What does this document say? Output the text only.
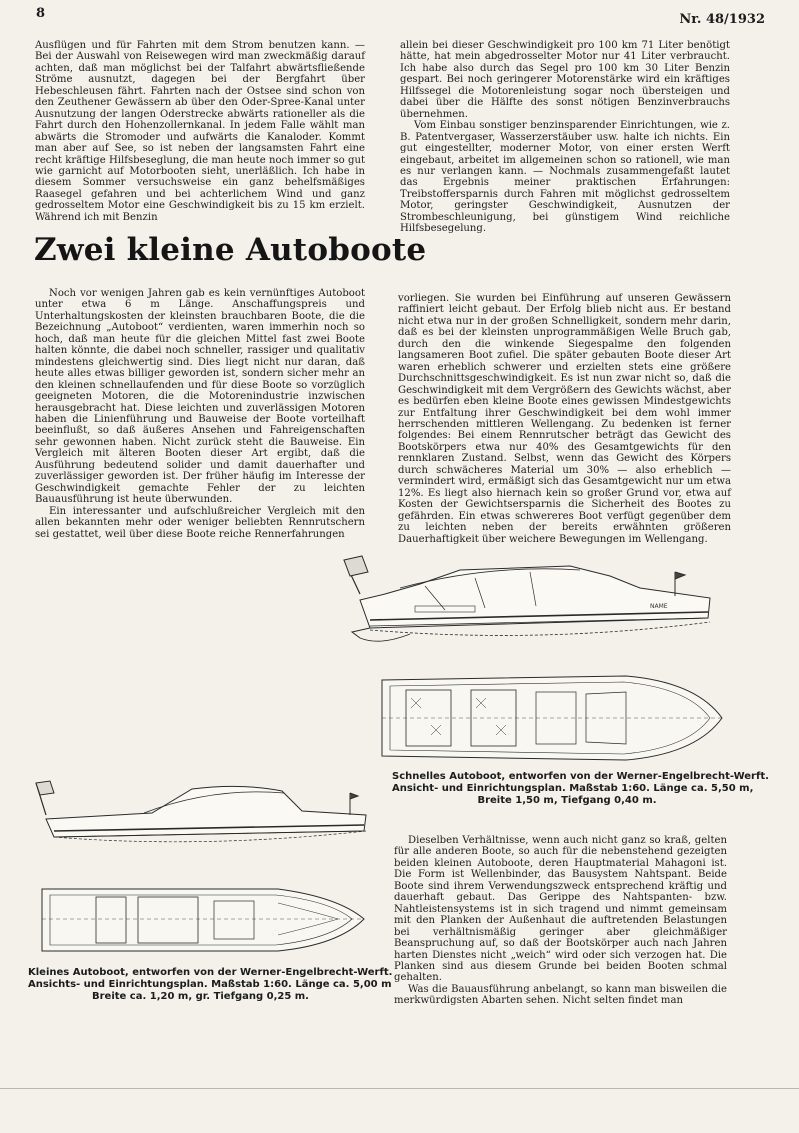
8	Nr. 48/1932

Ausflügen und für Fahrten mit dem Strom benutzen kann. — Bei der Auswahl von Reisewegen wird man zweckmäßig darauf achten, daß man möglichst bei der Talfahrt abwärtsfließende Ströme ausnutzt, dagegen bei der Bergfahrt über Hebeschleusen fährt. Fahrten nach der Ostsee sind schon von den Zeuthener Gewässern ab über den Oder-Spree-Kanal unter Ausnutzung der langen Oderstrecke abwärts rationeller als die Fahrt durch den Hohenzollernkanal. In jedem Falle wählt man abwärts die Stromoder und aufwärts die Kanaloder. Kommt man aber auf See, so ist neben der langsamsten Fahrt eine recht kräftige Hilfsbeseglung, die man heute noch immer so gut wie garnicht auf Motorbooten sieht, unerläßlich. Ich habe in diesem Sommer versuchsweise ein ganz behelfsmäßiges Raasegel gefahren und bei achterlichem Wind und ganz gedrosseltem Motor eine Geschwindigkeit bis zu 15 km erzielt. Während ich mit Benzin

allein bei dieser Geschwindigkeit pro 100 km 71 Liter benötigt hätte, hat mein abgedrosselter Motor nur 41 Liter verbraucht. Ich habe also durch das Segel pro 100 km 30 Liter Benzin gespart. Bei noch geringerer Motorenstärke wird ein kräftiges Hilfssegel die Motorenleistung sogar noch übersteigen und dabei über die Hälfte des sonst nötigen Benzinverbrauchs übernehmen.

Vom Einbau sonstiger benzinsparender Einrichtungen, wie z. B. Patentvergaser, Wasserzerstäuber usw. halte ich nichts. Ein gut eingestellter, moderner Motor, von einer ersten Werft eingebaut, arbeitet im allgemeinen schon so rationell, wie man es nur verlangen kann. — Nochmals zusammengefaßt lautet das Ergebnis meiner praktischen Erfahrungen: Treibstoffersparnis durch Fahren mit möglichst gedrosseltem Motor, geringster Geschwindigkeit, Ausnutzen der Strombeschleunigung, bei günstigem Wind reichliche Hilfsbesegelung.

Zwei kleine Autoboote

Noch vor wenigen Jahren gab es kein vernünftiges Autoboot unter etwa 6 m Länge. Anschaffungspreis und Unterhaltungskosten der kleinsten brauchbaren Boote, die die Bezeichnung „Autoboot“ verdienten, waren immerhin noch so hoch, daß man heute für die gleichen Mittel fast zwei Boote halten könnte, die dabei noch schneller, rassiger und qualitativ mindestens gleichwertig sind. Dies liegt nicht nur daran, daß heute alles etwas billiger geworden ist, sondern sicher mehr an den kleinen schnellaufenden und für diese Boote so vorzüglich geeigneten Motoren, die die Motorenindustrie inzwischen herausgebracht hat. Diese leichten und zuverlässigen Motoren haben die Linienführung und Bauweise der Boote vorteilhaft beeinflußt, so daß äußeres Ansehen und Fahreigenschaften sehr gewonnen haben. Nicht zurück steht die Bauweise. Ein Vergleich mit älteren Booten dieser Art ergibt, daß die Ausführung bedeutend solider und damit dauerhafter und zuverlässiger geworden ist. Der früher häufig im Interesse der Geschwindigkeit gemachte Fehler der zu leichten Bauausführung ist heute überwunden.

Ein interessanter und aufschlußreicher Vergleich mit den allen bekannten mehr oder weniger beliebten Rennrutschern sei gestattet, weil über diese Boote reiche Rennerfahrungen

vorliegen. Sie wurden bei Einführung auf unseren Gewässern raffiniert leicht gebaut. Der Erfolg blieb nicht aus. Er bestand nicht etwa nur in der großen Schnelligkeit, sondern mehr darin, daß es bei der kleinsten unprogrammäßigen Welle Bruch gab, durch den die winkende Siegespalme den folgenden langsameren Boot zufiel. Die später gebauten Boote dieser Art waren erheblich schwerer und erzielten stets eine größere Durchschnittsgeschwindigkeit. Es ist nun zwar nicht so, daß die Geschwindigkeit mit dem Vergrößern des Gewichts wächst, aber es bedürfen eben kleine Boote eines gewissen Mindestgewichts zur Entfaltung ihrer Geschwindigkeit bei dem wohl immer herrschenden mittleren Wellengang. Zu bedenken ist ferner folgendes: Bei einem Rennrutscher beträgt das Gewicht des Bootskörpers etwa nur 40% des Gesamtgewichts für den rennklaren Zustand. Selbst, wenn das Gewicht des Körpers durch schwächeres Material um 30% — also erheblich — vermindert wird, ermäßigt sich das Gesamtgewicht nur um etwa 12%. Es liegt also hiernach kein so großer Grund vor, etwa auf Kosten der Gewichtsersparnis die Sicherheit des Bootes zu gefährden. Ein etwas schwereres Boot verfügt gegenüber dem zu leichten neben der bereits erwähnten größeren Dauerhaftigkeit über weichere Bewegungen im Wellengang.

NAME
Schnelles Autoboot, entworfen von der Werner-Engelbrecht-Werft.
Ansicht- und Einrichtungsplan. Maßstab 1:60. Länge ca. 5,50 m,
Breite 1,50 m, Tiefgang 0,40 m.
Kleines Autoboot, entworfen von der Werner-Engelbrecht-Werft.
Ansichts- und Einrichtungsplan. Maßstab 1:60. Länge ca. 5,00 m
Breite ca. 1,20 m, gr. Tiefgang 0,25 m.

Dieselben Verhältnisse, wenn auch nicht ganz so kraß, gelten für alle anderen Boote, so auch für die nebenstehend gezeigten beiden kleinen Autoboote, deren Hauptmaterial Mahagoni ist. Die Form ist Wellenbinder, das Bausystem Nahtspant. Beide Boote sind ihrem Verwendungszweck entsprechend kräftig und dauerhaft gebaut. Das Gerippe des Nahtspanten- bzw. Nahtleistensystems ist in sich tragend und nimmt gemeinsam mit den Planken der Außenhaut die auftretenden Belastungen bei verhältnismäßig geringer aber gleichmäßiger Beanspruchung auf, so daß der Bootskörper auch nach Jahren harten Dienstes nicht „weich“ wird oder sich verzogen hat. Die Planken sind aus diesem Grunde bei beiden Booten schmal gehalten.

Was die Bauausführung anbelangt, so kann man bisweilen die merkwürdigsten Abarten sehen. Nicht selten findet man
